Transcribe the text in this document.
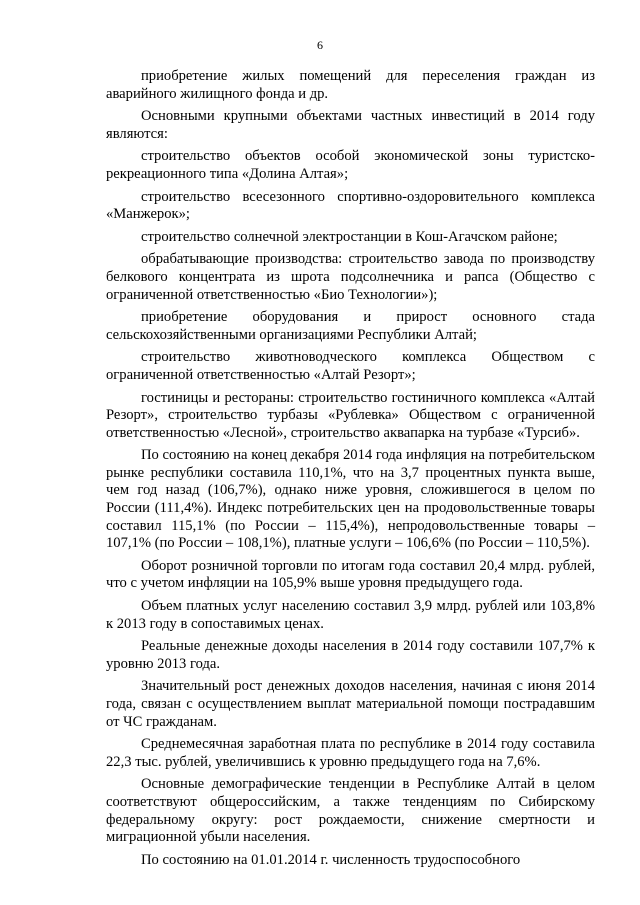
6

приобретение жилых помещений для переселения граждан из аварийного жилищного фонда и др.

Основными крупными объектами частных инвестиций в 2014 году являются:

строительство объектов особой экономической зоны туристско-рекреационного типа «Долина Алтая»;

строительство всесезонного спортивно-оздоровительного комплекса «Манжерок»;

строительство солнечной электростанции в Кош-Агачском районе;

обрабатывающие производства: строительство завода по производству белкового концентрата из шрота подсолнечника и рапса (Общество с ограниченной ответственностью «Био Технологии»);

приобретение оборудования и прирост основного стада сельскохозяйственными организациями Республики Алтай;

строительство животноводческого комплекса Обществом с ограниченной ответственностью «Алтай Резорт»;

гостиницы и рестораны: строительство гостиничного комплекса «Алтай Резорт», строительство турбазы «Рублевка» Обществом с ограниченной ответственностью «Лесной», строительство аквапарка на турбазе «Турсиб».

По состоянию на конец декабря 2014 года инфляция на потребительском рынке республики составила 110,1%, что на 3,7 процентных пункта выше, чем год назад (106,7%), однако ниже уровня, сложившегося в целом по России (111,4%). Индекс потребительских цен на продовольственные товары составил 115,1% (по России – 115,4%), непродовольственные товары – 107,1% (по России – 108,1%), платные услуги – 106,6% (по России – 110,5%).

Оборот розничной торговли по итогам года составил 20,4 млрд. рублей, что с учетом инфляции на 105,9% выше уровня предыдущего года.

Объем платных услуг населению составил 3,9 млрд. рублей или 103,8% к 2013 году в сопоставимых ценах.

Реальные денежные доходы населения в 2014 году составили 107,7% к уровню 2013 года.

Значительный рост денежных доходов населения, начиная с июня 2014 года, связан с осуществлением выплат материальной помощи пострадавшим от ЧС гражданам.

Среднемесячная заработная плата по республике в 2014 году составила 22,3 тыс. рублей, увеличившись к уровню предыдущего года на 7,6%.

Основные демографические тенденции в Республике Алтай в целом соответствуют общероссийским, а также тенденциям по Сибирскому федеральному округу: рост рождаемости, снижение смертности и миграционной убыли населения.

По состоянию на 01.01.2014 г. численность трудоспособного
